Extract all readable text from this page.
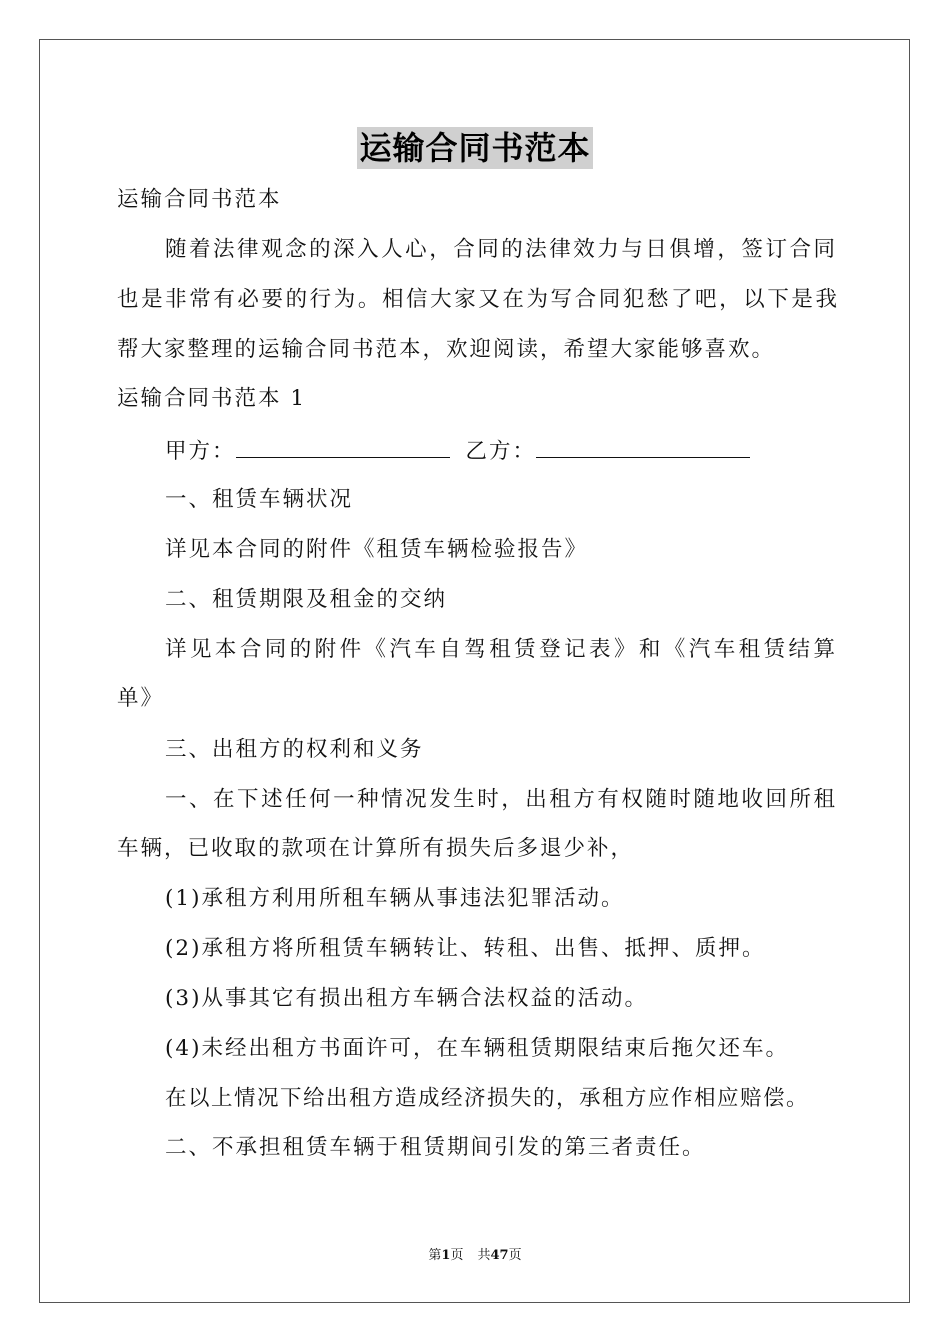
运输合同书范本
运输合同书范本
随着法律观念的深入人心，合同的法律效力与日俱增，签订合同
也是非常有必要的行为。相信大家又在为写合同犯愁了吧，以下是我
帮大家整理的运输合同书范本，欢迎阅读，希望大家能够喜欢。
运输合同书范本 1
甲方：	乙方：
一、租赁车辆状况
详见本合同的附件《租赁车辆检验报告》
二、租赁期限及租金的交纳
详见本合同的附件《汽车自驾租赁登记表》和《汽车租赁结算
单》
三、出租方的权利和义务
一、在下述任何一种情况发生时，出租方有权随时随地收回所租
车辆，已收取的款项在计算所有损失后多退少补，
(1)承租方利用所租车辆从事违法犯罪活动。
(2)承租方将所租赁车辆转让、转租、出售、抵押、质押。
(3)从事其它有损出租方车辆合法权益的活动。
(4)未经出租方书面许可，在车辆租赁期限结束后拖欠还车。
在以上情况下给出租方造成经济损失的，承租方应作相应赔偿。
二、不承担租赁车辆于租赁期间引发的第三者责任。
第1页 共47页
